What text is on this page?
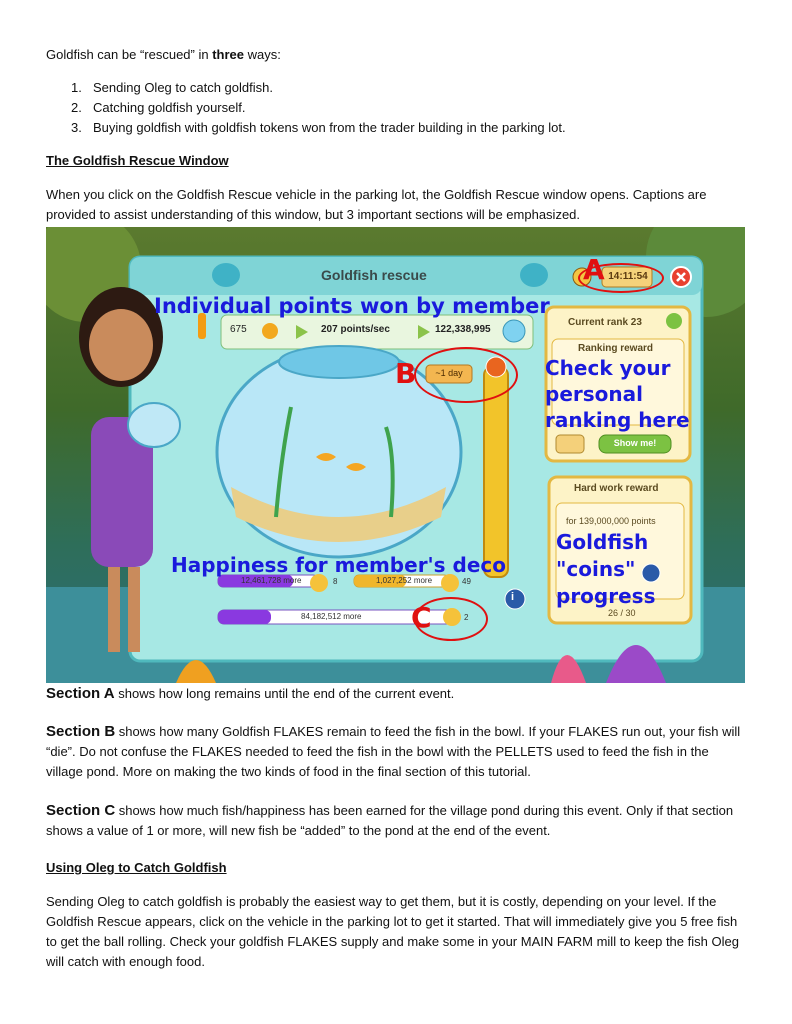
Goldfish can be “rescued” in three ways:

1. Sending Oleg to catch goldfish.
2. Catching goldfish yourself.
3. Buying goldfish with goldfish tokens won from the trader building in the parking lot.
The Goldfish Rescue Window

When you click on the Goldfish Rescue vehicle in the parking lot, the Goldfish Rescue window opens. Captions are provided to assist understanding of this window, but 3 important sections will be emphasized.

Goldfish rescue	14:11:54
675	207 points/sec	122,338,995
~1 day
Current rank 23
Ranking reward
Show me!
Hard work reward
for 139,000,000 points
26 / 30
12,461,728 more	8	1,027,252 more	49
84,182,512 more	2
i
Individual points won by member
Check your personal ranking here
Happiness for member's deco
Goldfish "coins" progress
A
B
C

Section A shows how long remains until the end of the current event.

Section B shows how many Goldfish FLAKES remain to feed the fish in the bowl. If your FLAKES run out, your fish will “die”. Do not confuse the FLAKES needed to feed the fish in the bowl with the PELLETS used to feed the fish in the village pond. More on making the two kinds of food in the final section of this tutorial.

Section C shows how much fish/happiness has been earned for the village pond during this event. Only if that section shows a value of 1 or more, will new fish be “added” to the pond at the end of the event.

Using Oleg to Catch Goldfish

Sending Oleg to catch goldfish is probably the easiest way to get them, but it is costly, depending on your level. If the Goldfish Rescue appears, click on the vehicle in the parking lot to get it started. That will immediately give you 5 free fish to get the ball rolling. Check your goldfish FLAKES supply and make some in your MAIN FARM mill to keep the fish Oleg will catch with enough food.
